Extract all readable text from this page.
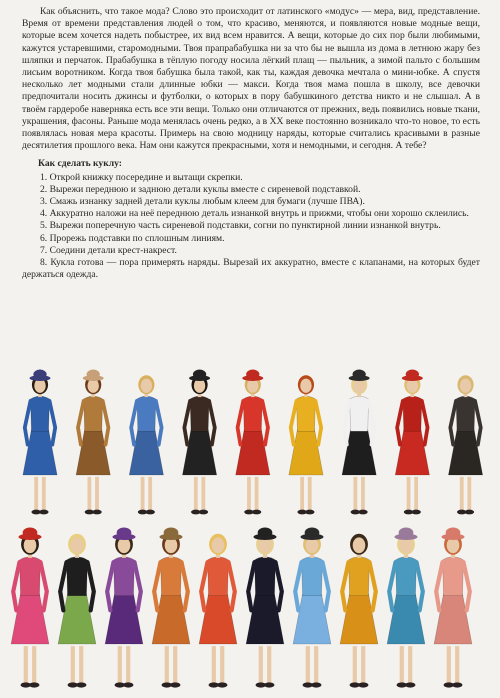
Как объяснить, что такое мода? Слово это происходит от латинского «модус» — мера, вид, представление. Время от времени представления людей о том, что красиво, меняются, и появляются новые модные вещи, которые всем хочется надеть побыстрее, их вид всем нравится. А вещи, которые до сих пор были любимыми, кажутся устаревшими, старомодными. Твоя прапрабабушка ни за что бы не вышла из дома в летнюю жару без шляпки и перчаток. Прабабушка в тёплую погоду носила лёгкий плащ — пыльник, а зимой пальто с большим лисьим воротником. Когда твоя бабушка была такой, как ты, каждая девочка мечтала о мини-юбке. А спустя несколько лет модными стали длинные юбки — макси. Когда твоя мама пошла в школу, все девочки предпочитали носить джинсы и футболки, о которых в пору бабушкиного детства никто и не слышал. А в твоём гардеробе наверняка есть все эти вещи. Только они отличаются от прежних, ведь появились новые ткани, украшения, фасоны. Раньше мода менялась очень редко, а в XX веке постоянно возникало что-то новое, то есть появлялась новая мера красоты. Примерь на свою модницу наряды, которые считались красивыми в разные десятилетия прошлого века. Нам они кажутся прекрасными, хотя и немодными, и сегодня. А тебе?

Как сделать куклу:

1. Открой книжку посередине и вытащи скрепки.

2. Вырежи переднюю и заднюю детали куклы вместе с сиреневой подставкой.

3. Смажь изнанку задней детали куклы любым клеем для бумаги (лучше ПВА).

4. Аккуратно наложи на неё переднюю деталь изнанкой внутрь и прижми, чтобы они хорошо склеились.

5. Вырежи поперечную часть сиреневой подставки, согни по пунктирной линии изнанкой внутрь.

6. Прорежь подставки по сплошным линиям.

7. Соедини детали крест-накрест.

8. Кукла готова — пора примерять наряды. Вырезай их аккуратно, вместе с клапанами, на которых будет держаться одежда.
